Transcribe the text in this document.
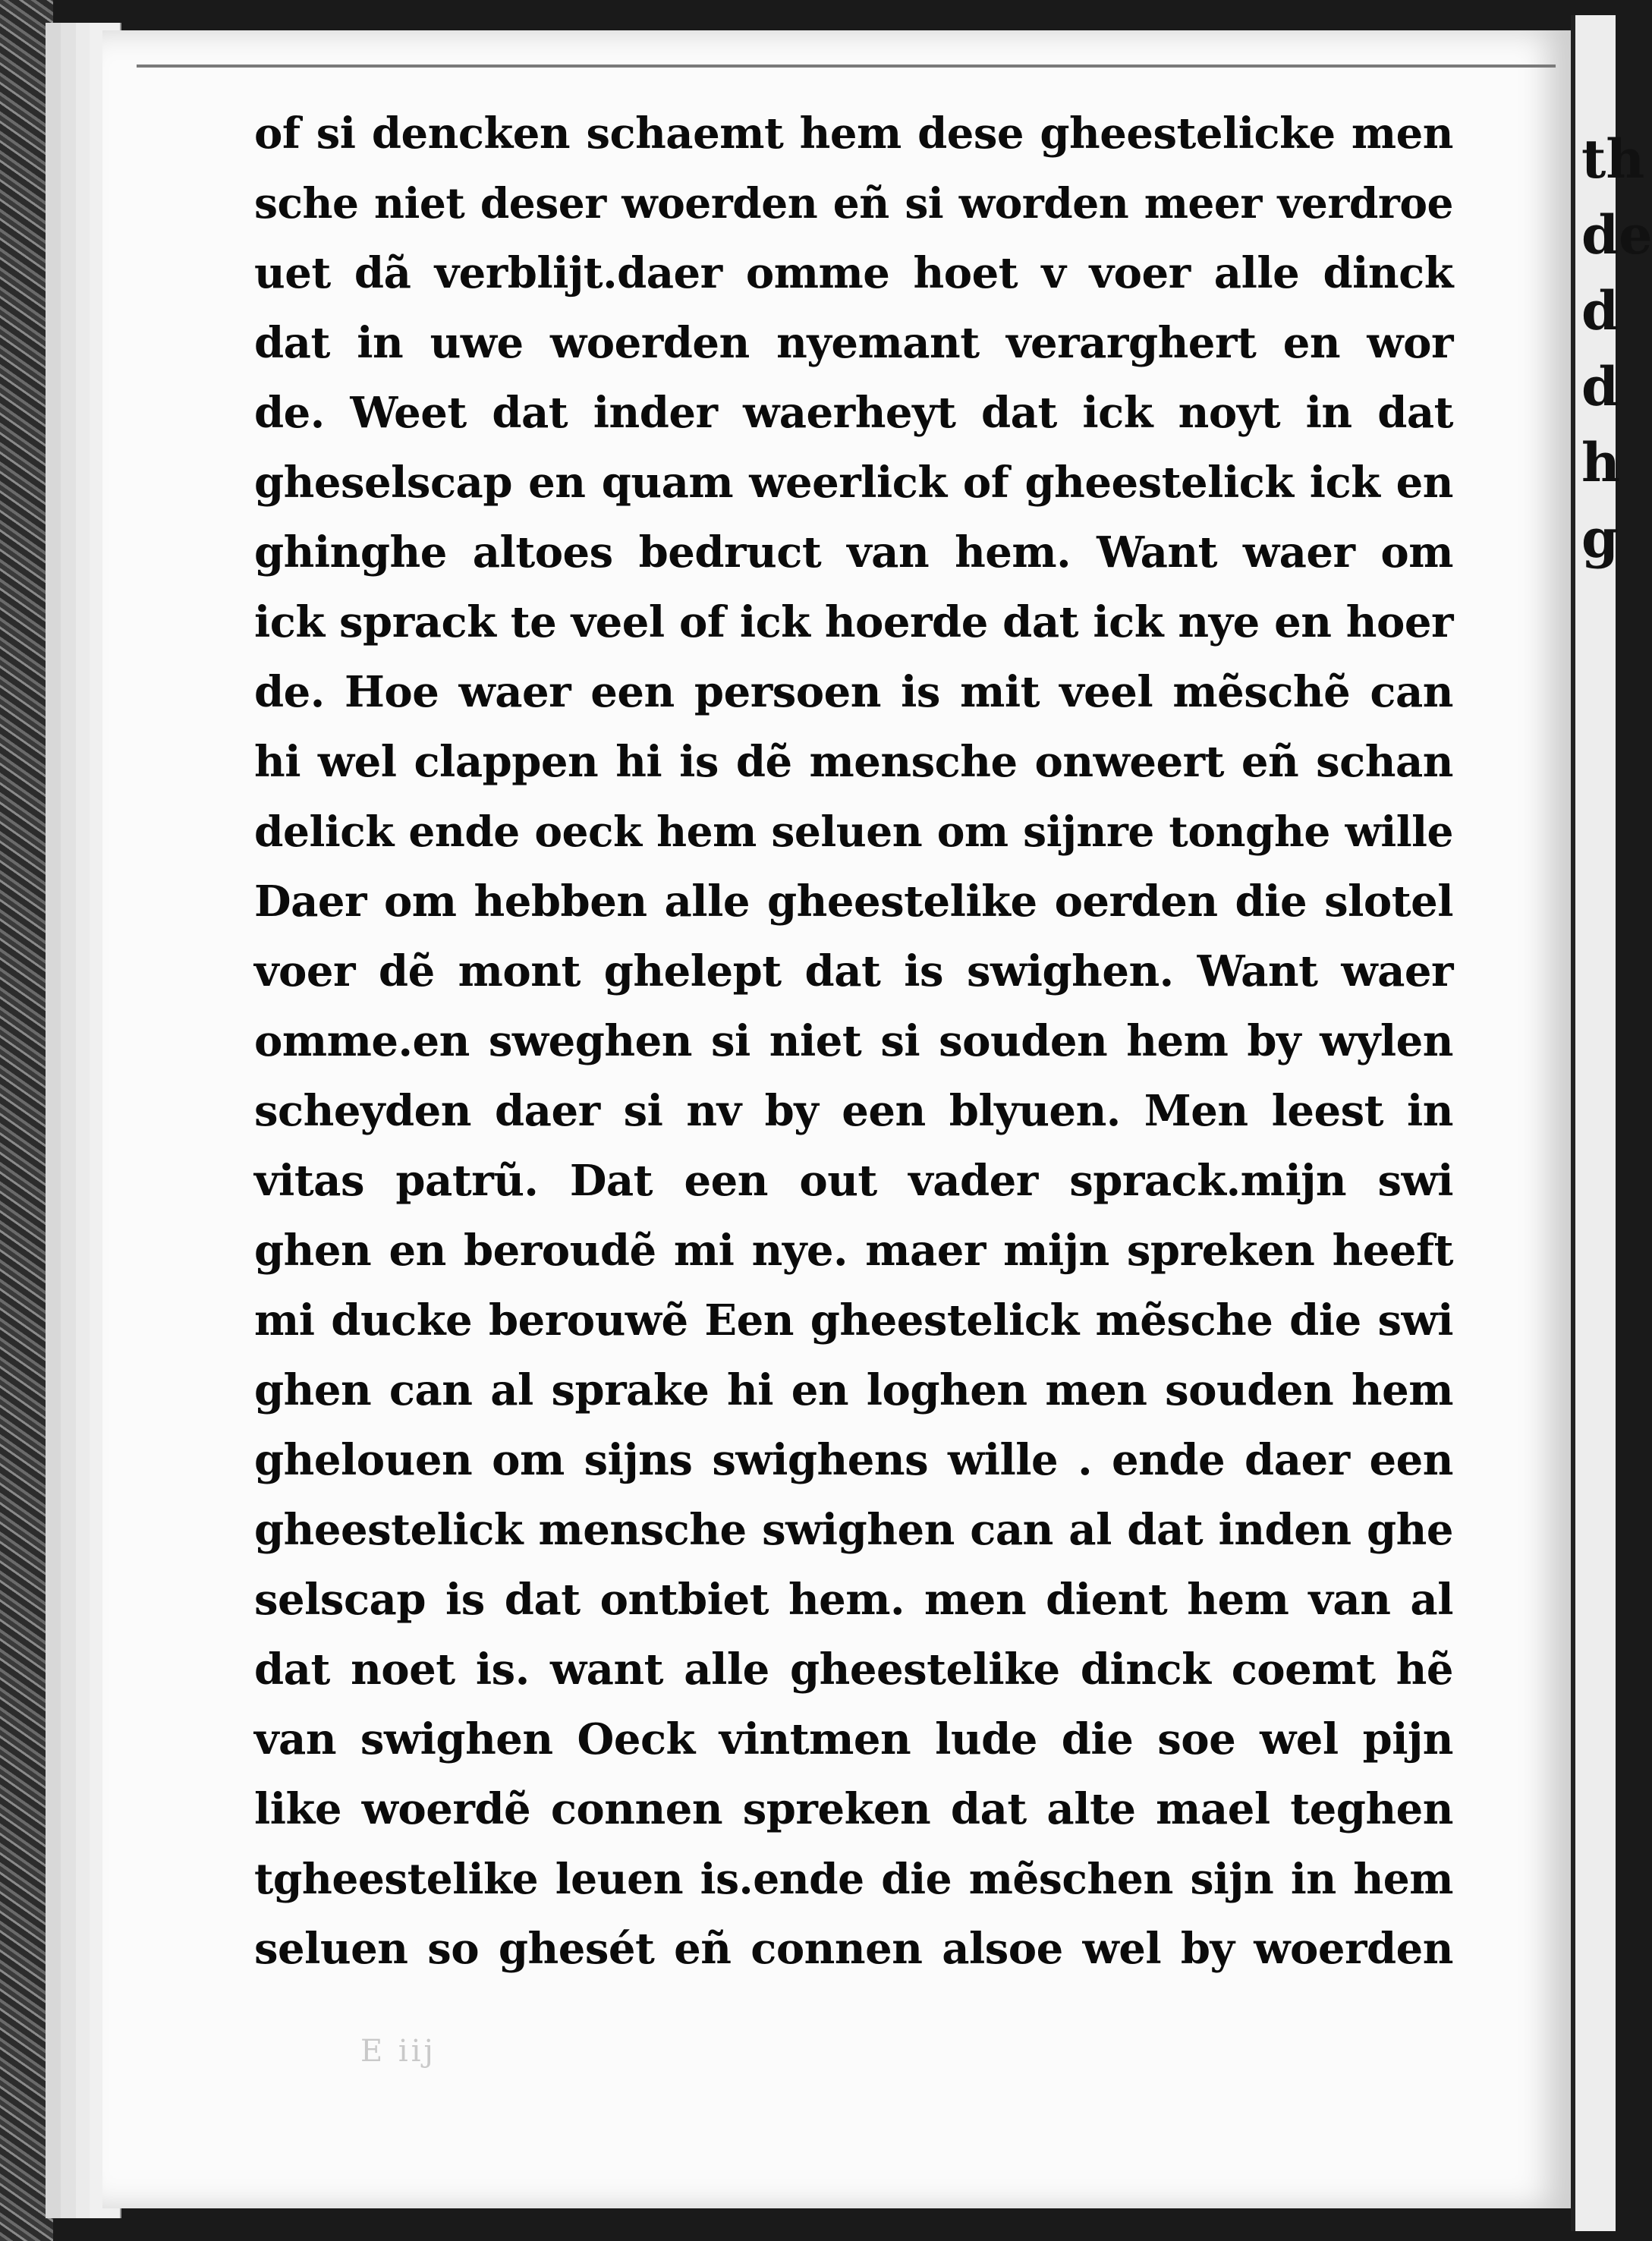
of si dencken schaemt hem dese gheestelicke men
sche niet deser woerden eñ si worden meer verdroe
uet dã verblijt.daer omme hoet v voer alle dinck
dat in uwe woerden nyemant verarghert en wor
de. Weet dat inder waerheyt dat ick noyt in dat
gheselscap en quam weerlick of gheestelick ick en
ghinghe altoes bedruct van hem. Want waer om
ick sprack te veel of ick hoerde dat ick nye en hoer
de. Hoe waer een persoen is mit veel mẽschẽ can
hi wel clappen hi is dẽ mensche onweert eñ schan
delick ende oeck hem seluen om sijnre tonghe wille
Daer om hebben alle gheestelike oerden die slotel
voer dẽ mont ghelept dat is swighen. Want waer
omme.en sweghen si niet si souden hem by wylen
scheyden daer si nv by een blyuen. Men leest in
vitas patrũ. Dat een out vader sprack.mijn swi
ghen en beroudẽ mi nye. maer mijn spreken heeft
mi ducke berouwẽ Een gheestelick mẽsche die swi
ghen can al sprake hi en loghen men souden hem
ghelouen om sijns swighens wille . ende daer een
gheestelick mensche swighen can al dat inden ghe
selscap is dat ontbiet hem. men dient hem van al
dat noet is. want alle gheestelike dinck coemt hẽ
van swighen Oeck vintmen lude die soe wel pijn
like woerdẽ connen spreken dat alte mael teghen
tgheestelike leuen is.ende die mẽschen sijn in hem
seluen so ghesét eñ connen alsoe wel by woerden
E iij
th
de
d
d
h
g
